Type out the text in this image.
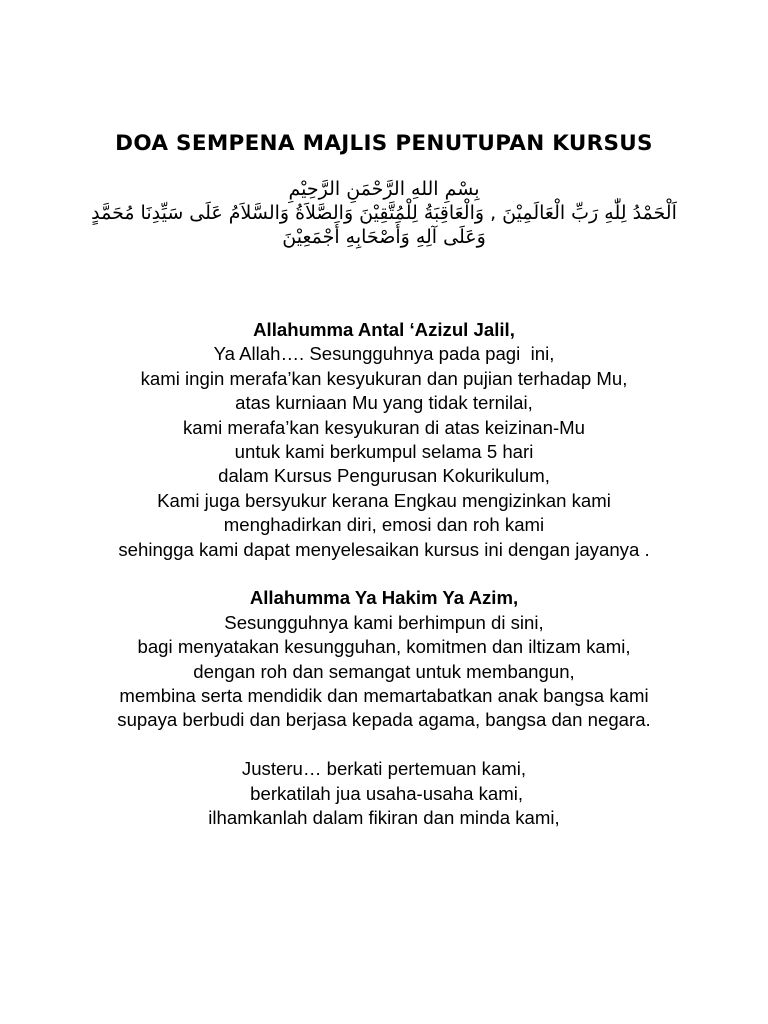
DOA SEMPENA MAJLIS PENUTUPAN KURSUS
بِسْمِ اللهِ الرَّحْمَنِ الرَّحِيْمِ
اَلْحَمْدُ لِلّٰهِ رَبِّ الْعَالَمِيْنَ , وَالْعَاقِبَةُ لِلْمُتَّقِيْنَ وَالصَّلاَةُ وَالسَّلاَمُ عَلَى سَيِّدِنَا مُحَمَّدٍ
وَعَلَى آلِهِ وَأَصْحَابِهِ أَجْمَعِيْنَ
Allahumma Antal ‘Azizul Jalil,
Ya Allah…. Sesungguhnya pada pagi  ini,
kami ingin merafa’kan kesyukuran dan pujian terhadap Mu,
atas kurniaan Mu yang tidak ternilai,
kami merafa’kan kesyukuran di atas keizinan-Mu
untuk kami berkumpul selama 5 hari
dalam Kursus Pengurusan Kokurikulum,
Kami juga bersyukur kerana Engkau mengizinkan kami
menghadirkan diri, emosi dan roh kami
sehingga kami dapat menyelesaikan kursus ini dengan jayanya .
Allahumma Ya Hakim Ya Azim,
Sesungguhnya kami berhimpun di sini,
bagi menyatakan kesungguhan, komitmen dan iltizam kami,
dengan roh dan semangat untuk membangun,
membina serta mendidik dan memartabatkan anak bangsa kami
supaya berbudi dan berjasa kepada agama, bangsa dan negara.
Justeru… berkati pertemuan kami,
berkatilah jua usaha-usaha kami,
ilhamkanlah dalam fikiran dan minda kami,
